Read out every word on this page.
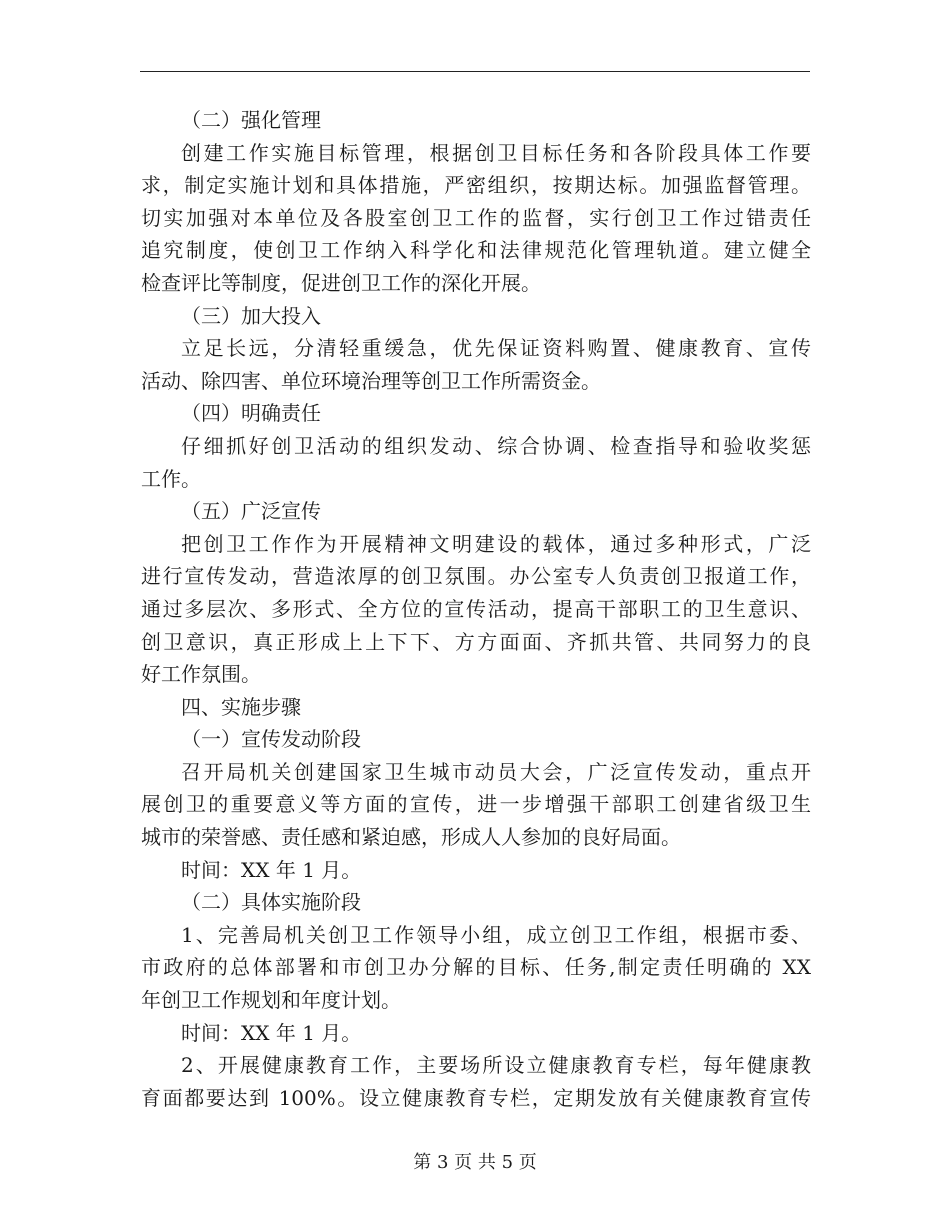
（二）强化管理
创建工作实施目标管理，根据创卫目标任务和各阶段具体工作要
求，制定实施计划和具体措施，严密组织，按期达标。加强监督管理。
切实加强对本单位及各股室创卫工作的监督，实行创卫工作过错责任
追究制度，使创卫工作纳入科学化和法律规范化管理轨道。建立健全
检查评比等制度，促进创卫工作的深化开展。
（三）加大投入
立足长远，分清轻重缓急，优先保证资料购置、健康教育、宣传
活动、除四害、单位环境治理等创卫工作所需资金。
（四）明确责任
仔细抓好创卫活动的组织发动、综合协调、检查指导和验收奖惩
工作。
（五）广泛宣传
把创卫工作作为开展精神文明建设的载体，通过多种形式，广泛
进行宣传发动，营造浓厚的创卫氛围。办公室专人负责创卫报道工作，
通过多层次、多形式、全方位的宣传活动，提高干部职工的卫生意识、
创卫意识，真正形成上上下下、方方面面、齐抓共管、共同努力的良
好工作氛围。
四、实施步骤
（一）宣传发动阶段
召开局机关创建国家卫生城市动员大会，广泛宣传发动，重点开
展创卫的重要意义等方面的宣传，进一步增强干部职工创建省级卫生
城市的荣誉感、责任感和紧迫感，形成人人参加的良好局面。
时间：XX 年 1 月。
（二）具体实施阶段
1、完善局机关创卫工作领导小组，成立创卫工作组，根据市委、
市政府的总体部署和市创卫办分解的目标、任务,制定责任明确的 XX
年创卫工作规划和年度计划。
时间：XX 年 1 月。
2、开展健康教育工作，主要场所设立健康教育专栏，每年健康教
育面都要达到 100%。设立健康教育专栏，定期发放有关健康教育宣传
第 3 页 共 5 页
